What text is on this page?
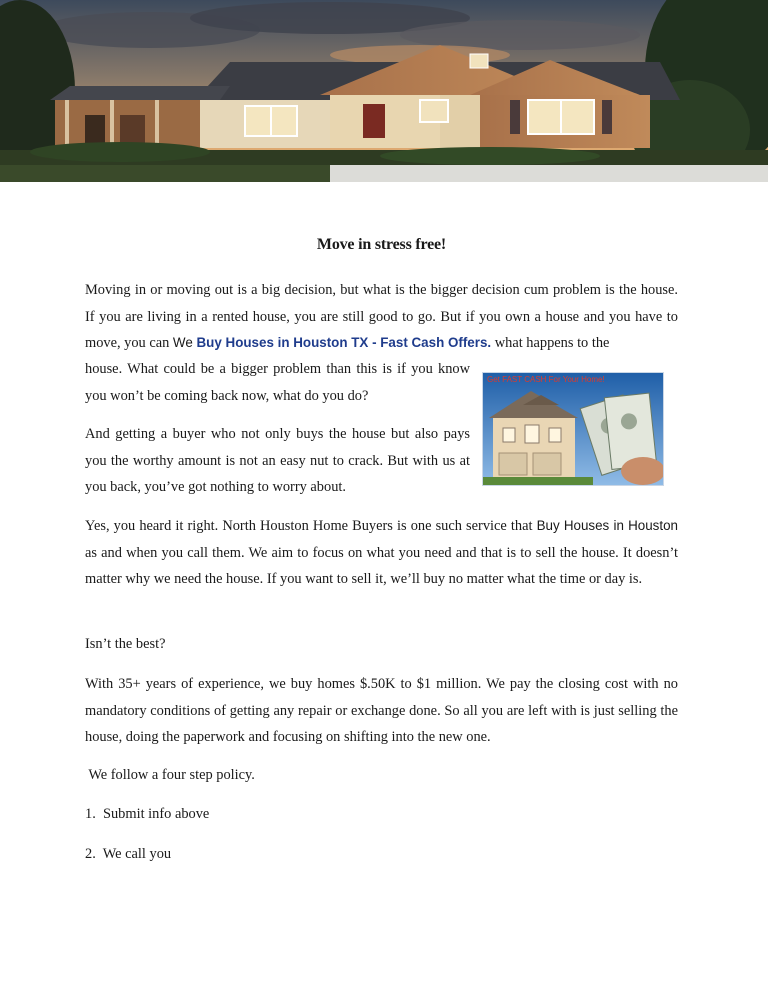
Move in stress free!
Moving in or moving out is a big decision, but what is the bigger decision cum problem is the house. If you are living in a rented house, you are still good to go. But if you own a house and you have to move, you can We Buy Houses in Houston TX - Fast Cash Offers. what happens to the
house. What could be a bigger problem than this is if you know you won’t be coming back now, what do you do?
And getting a buyer who not only buys the house but also pays you the worthy amount is not an easy nut to crack. But with us at you back, you’ve got nothing to worry about.
Yes, you heard it right. North Houston Home Buyers is one such service that Buy Houses in Houston as and when you call them. We aim to focus on what you need and that is to sell the house. It doesn’t matter why we need the house. If you want to sell it, we’ll buy no matter what the time or day is.
Isn’t the best?
With 35+ years of experience, we buy homes $.50K to $1 million. We pay the closing cost with no mandatory conditions of getting any repair or exchange done. So all you are left with is just selling the house, doing the paperwork and focusing on shifting into the new one.
We follow a four step policy.
1.  Submit info above
2.  We call you
Get FAST CASH For Your Home!
